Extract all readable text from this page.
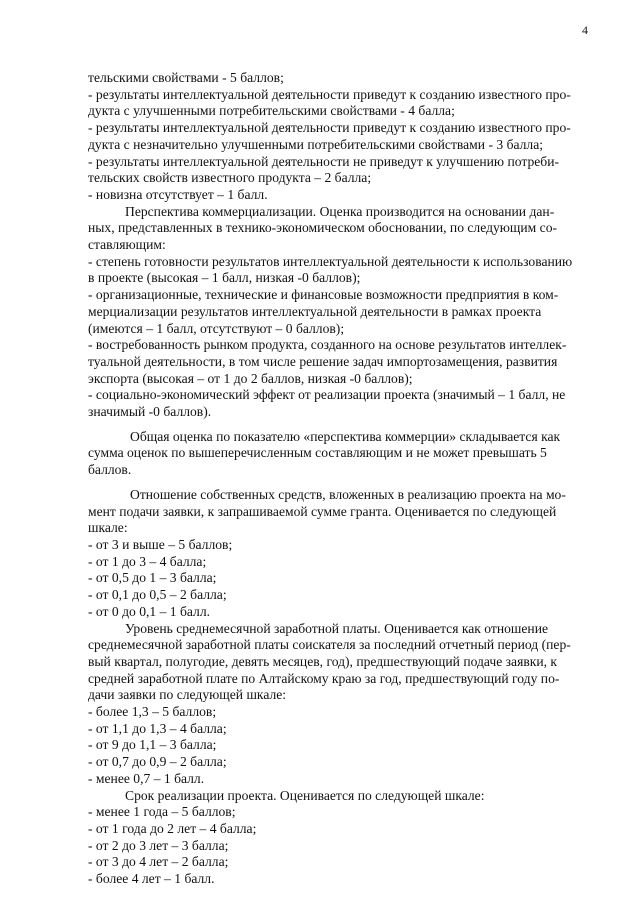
4
тельскими свойствами - 5 баллов;
- результаты интеллектуальной деятельности приведут к созданию известного про-
дукта с улучшенными потребительскими свойствами - 4 балла;
- результаты интеллектуальной деятельности приведут к созданию известного про-
дукта с незначительно улучшенными потребительскими свойствами - 3 балла;
- результаты интеллектуальной деятельности не приведут к улучшению потреби-
тельских свойств известного продукта – 2 балла;
- новизна отсутствует – 1 балл.
Перспектива коммерциализации. Оценка производится на основании дан-
ных, представленных в технико-экономическом обосновании, по следующим со-
ставляющим:
- степень готовности результатов интеллектуальной деятельности к использованию
в проекте (высокая – 1 балл, низкая -0 баллов);
- организационные, технические и финансовые возможности предприятия в ком-
мерциализации результатов интеллектуальной деятельности в рамках проекта
(имеются – 1 балл, отсутствуют – 0 баллов);
- востребованность рынком продукта, созданного на основе результатов интеллек-
туальной деятельности, в том числе решение задач импортозамещения, развития
экспорта (высокая – от 1 до 2 баллов, низкая -0 баллов);
- социально-экономический эффект от реализации проекта (значимый – 1 балл, не
значимый -0 баллов).
Общая оценка по показателю «перспектива коммерции» складывается как
сумма оценок по вышеперечисленным составляющим и не может превышать 5
баллов.
Отношение собственных средств, вложенных в реализацию проекта на мо-
мент подачи заявки, к запрашиваемой сумме гранта. Оценивается по следующей
шкале:
- от 3 и выше – 5 баллов;
- от 1 до 3 – 4 балла;
- от 0,5 до 1 – 3 балла;
- от 0,1 до 0,5 – 2 балла;
- от 0 до 0,1 – 1 балл.
Уровень среднемесячной заработной платы. Оценивается как отношение
среднемесячной заработной платы соискателя за последний отчетный период (пер-
вый квартал, полугодие, девять месяцев, год), предшествующий подаче заявки, к
средней заработной плате по Алтайскому краю за год, предшествующий году по-
дачи заявки по следующей шкале:
- более 1,3 – 5 баллов;
- от 1,1 до 1,3 – 4 балла;
- от 9 до 1,1 – 3 балла;
- от 0,7 до 0,9 – 2 балла;
- менее 0,7 – 1 балл.
Срок реализации проекта. Оценивается по следующей шкале:
- менее 1 года – 5 баллов;
- от 1 года до 2 лет – 4 балла;
- от 2 до 3 лет – 3 балла;
- от 3 до 4 лет – 2 балла;
- более 4 лет – 1 балл.
